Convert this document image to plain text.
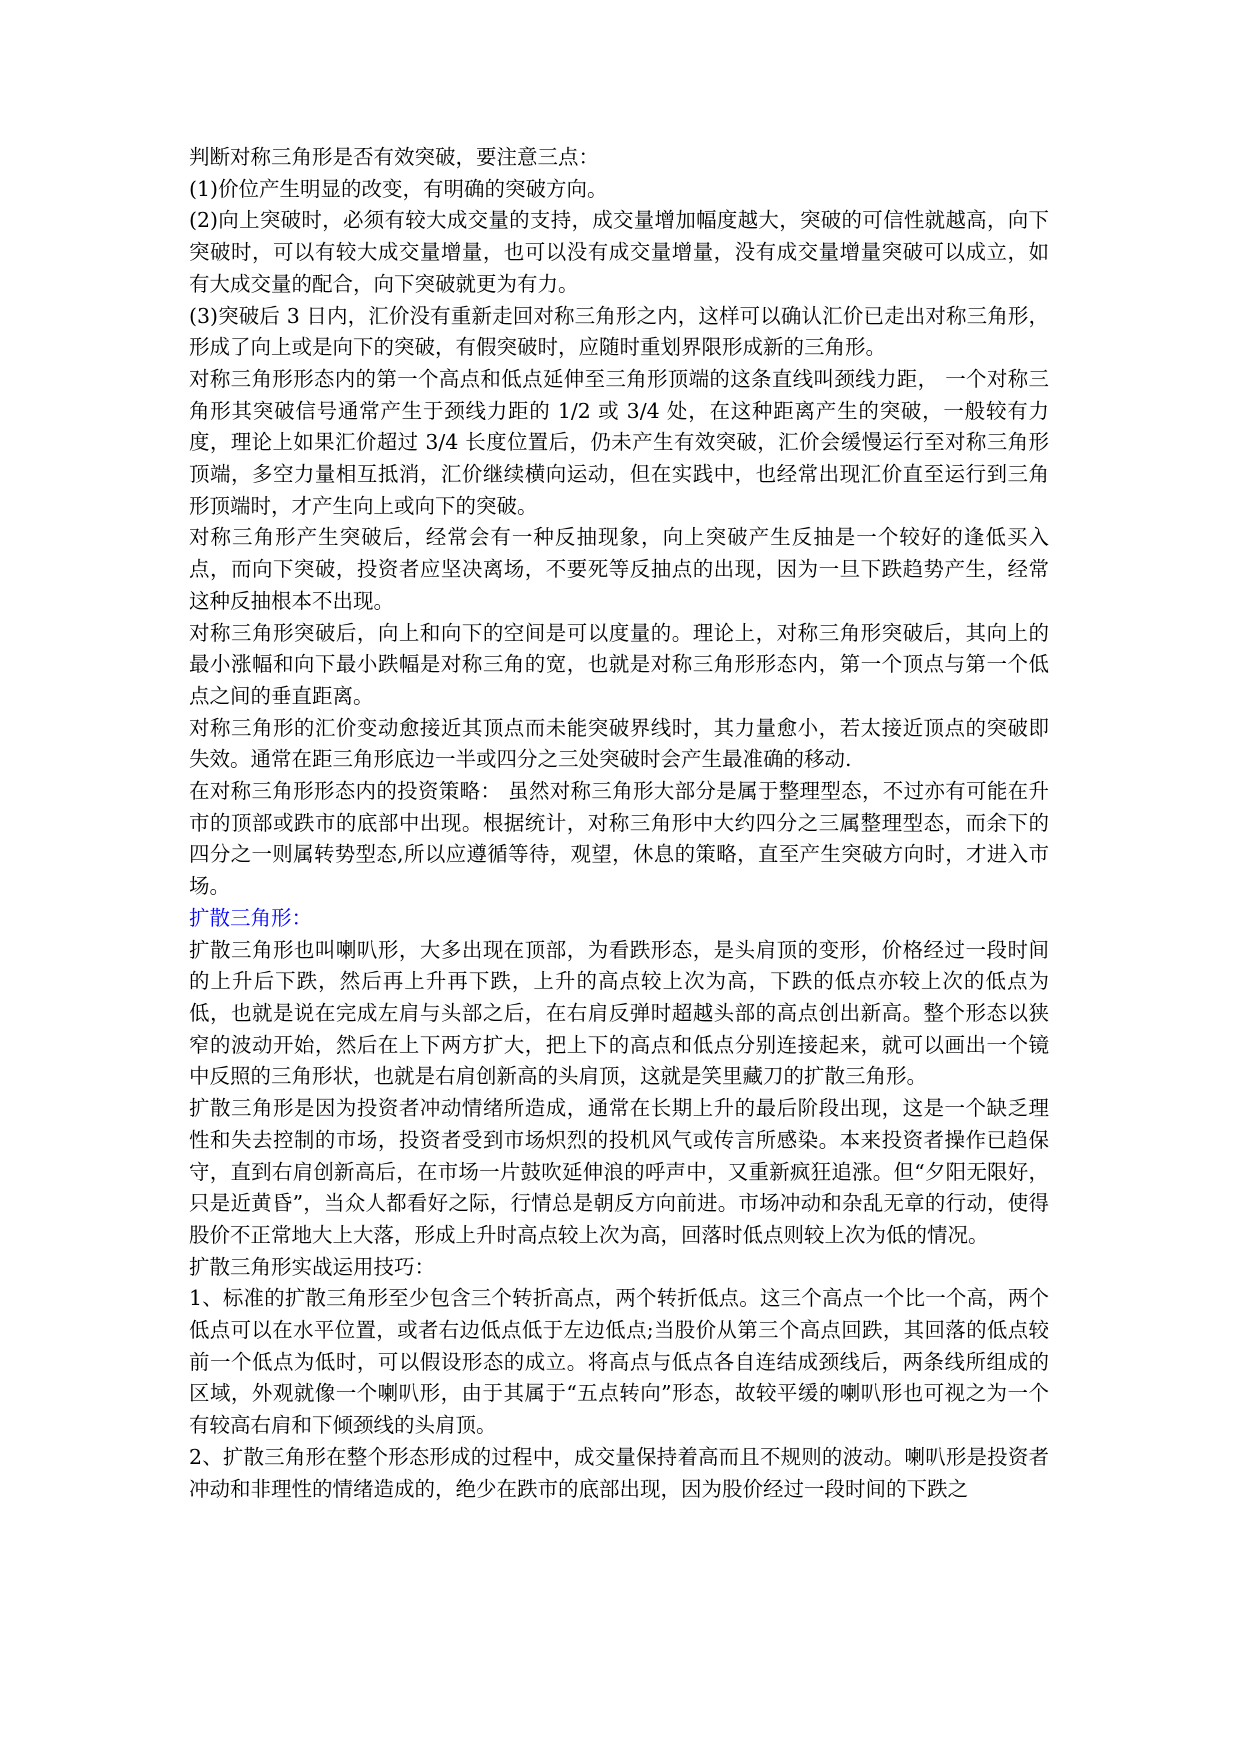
判断对称三角形是否有效突破，要注意三点：

(1)价位产生明显的改变，有明确的突破方向。

(2)向上突破时，必须有较大成交量的支持，成交量增加幅度越大，突破的可信性就越高，向下突破时，可以有较大成交量增量，也可以没有成交量增量，没有成交量增量突破可以成立，如有大成交量的配合，向下突破就更为有力。

(3)突破后 3 日内，汇价没有重新走回对称三角形之内，这样可以确认汇价已走出对称三角形，形成了向上或是向下的突破，有假突破时，应随时重划界限形成新的三角形。

对称三角形形态内的第一个高点和低点延伸至三角形顶端的这条直线叫颈线力距， 一个对称三角形其突破信号通常产生于颈线力距的 1/2 或 3/4 处，在这种距离产生的突破，一般较有力度，理论上如果汇价超过 3/4 长度位置后，仍未产生有效突破，汇价会缓慢运行至对称三角形顶端，多空力量相互抵消，汇价继续横向运动，但在实践中，也经常出现汇价直至运行到三角形顶端时，才产生向上或向下的突破。

对称三角形产生突破后，经常会有一种反抽现象，向上突破产生反抽是一个较好的逢低买入点，而向下突破，投资者应坚决离场，不要死等反抽点的出现，因为一旦下跌趋势产生，经常这种反抽根本不出现。

对称三角形突破后，向上和向下的空间是可以度量的。理论上，对称三角形突破后，其向上的最小涨幅和向下最小跌幅是对称三角的宽，也就是对称三角形形态内，第一个顶点与第一个低点之间的垂直距离。

对称三角形的汇价变动愈接近其顶点而未能突破界线时，其力量愈小，若太接近顶点的突破即失效。通常在距三角形底边一半或四分之三处突破时会产生最准确的移动.

在对称三角形形态内的投资策略： 虽然对称三角形大部分是属于整理型态，不过亦有可能在升市的顶部或跌市的底部中出现。根据统计，对称三角形中大约四分之三属整理型态，而余下的四分之一则属转势型态,所以应遵循等待，观望，休息的策略，直至产生突破方向时，才进入市场。

扩散三角形：

扩散三角形也叫喇叭形，大多出现在顶部，为看跌形态，是头肩顶的变形，价格经过一段时间的上升后下跌，然后再上升再下跌，上升的高点较上次为高，下跌的低点亦较上次的低点为低，也就是说在完成左肩与头部之后，在右肩反弹时超越头部的高点创出新高。整个形态以狭窄的波动开始，然后在上下两方扩大，把上下的高点和低点分别连接起来，就可以画出一个镜中反照的三角形状，也就是右肩创新高的头肩顶，这就是笑里藏刀的扩散三角形。

扩散三角形是因为投资者冲动情绪所造成，通常在长期上升的最后阶段出现，这是一个缺乏理性和失去控制的市场，投资者受到市场炽烈的投机风气或传言所感染。本来投资者操作已趋保守，直到右肩创新高后，在市场一片鼓吹延伸浪的呼声中，又重新疯狂追涨。但“夕阳无限好，只是近黄昏”，当众人都看好之际，行情总是朝反方向前进。市场冲动和杂乱无章的行动，使得股价不正常地大上大落，形成上升时高点较上次为高，回落时低点则较上次为低的情况。

扩散三角形实战运用技巧：

1、标准的扩散三角形至少包含三个转折高点，两个转折低点。这三个高点一个比一个高，两个低点可以在水平位置，或者右边低点低于左边低点;当股价从第三个高点回跌，其回落的低点较前一个低点为低时，可以假设形态的成立。将高点与低点各自连结成颈线后，两条线所组成的区域，外观就像一个喇叭形，由于其属于“五点转向”形态，故较平缓的喇叭形也可视之为一个有较高右肩和下倾颈线的头肩顶。

2、扩散三角形在整个形态形成的过程中，成交量保持着高而且不规则的波动。喇叭形是投资者冲动和非理性的情绪造成的，绝少在跌市的底部出现，因为股价经过一段时间的下跌之
